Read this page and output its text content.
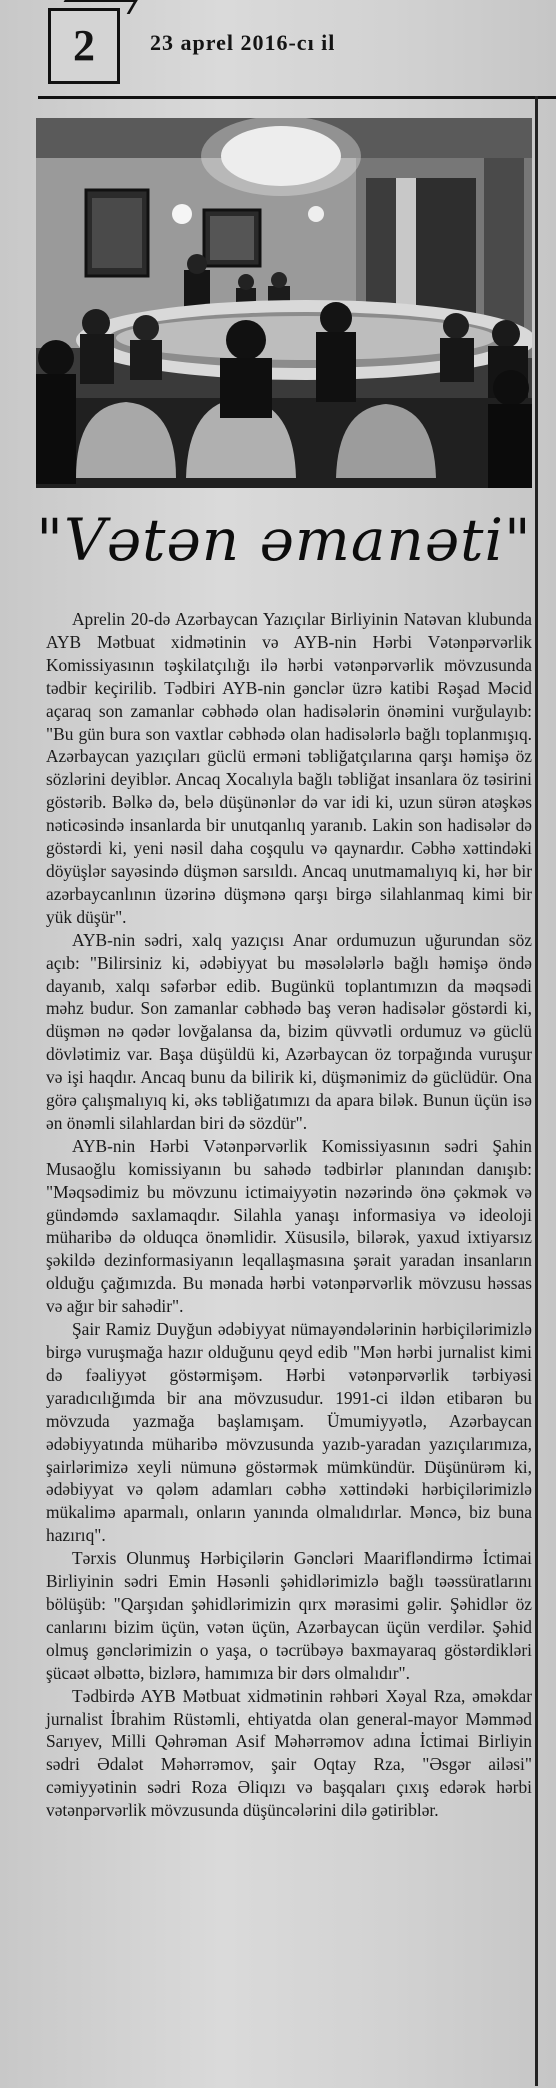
2	23 aprel 2016-cı il
"Vətən əmanəti"

Aprelin 20-də Azərbaycan Yazıçılar Birliyinin Natəvan klubunda AYB Mətbuat xidmətinin və AYB-nin Hərbi Vətənpərvərlik Komissiyasının təşkilatçılığı ilə hərbi vətənpərvərlik mövzusunda tədbir keçirilib. Tədbiri AYB-nin gənclər üzrə katibi Rəşad Məcid açaraq son zamanlar cəbhədə olan hadisələrin önəmini vurğulayıb: "Bu gün bura son vaxtlar cəbhədə olan hadisələrlə bağlı toplanmışıq. Azərbaycan yazıçıları güclü erməni təbliğatçılarına qarşı həmişə öz sözlərini deyiblər. Ancaq Xocalıyla bağlı təbliğat insanlara öz təsirini göstərib. Bəlkə də, belə düşünənlər də var idi ki, uzun sürən atəşkəs nəticəsində insanlarda bir unutqanlıq yaranıb. Lakin son hadisələr də göstərdi ki, yeni nəsil daha coşqulu və qaynardır. Cəbhə xəttindəki döyüşlər sayəsində düşmən sarsıldı. Ancaq unutmamalıyıq ki, hər bir azərbaycanlının üzərinə düşmənə qarşı birgə silahlanmaq kimi bir yük düşür".

AYB-nin sədri, xalq yazıçısı Anar ordumuzun uğurundan söz açıb: "Bilirsiniz ki, ədəbiyyat bu məsələlərlə bağlı həmişə öndə dayanıb, xalqı səfərbər edib. Bugünkü toplantımızın da məqsədi məhz budur. Son zamanlar cəbhədə baş verən hadisələr göstərdi ki, düşmən nə qədər lovğalansa da, bizim qüvvətli ordumuz və güclü dövlətimiz var. Başa düşüldü ki, Azərbaycan öz torpağında vuruşur və işi haqdır. Ancaq bunu da bilirik ki, düşmənimiz də güclüdür. Ona görə çalışmalıyıq ki, əks təbliğatımızı da apara bilək. Bunun üçün isə ən önəmli silahlardan biri də sözdür".

AYB-nin Hərbi Vətənpərvərlik Komissiyasının sədri Şahin Musaoğlu komissiyanın bu sahədə tədbirlər planından danışıb: "Məqsədimiz bu mövzunu ictimaiyyətin nəzərində önə çəkmək və gündəmdə saxlamaqdır. Silahla yanaşı informasiya və ideoloji müharibə də olduqca önəmlidir. Xüsusilə, bilərək, yaxud ixtiyarsız şəkildə dezinformasiyanın leqallaşmasına şərait yaradan insanların olduğu çağımızda. Bu mənada hərbi vətənpərvərlik mövzusu həssas və ağır bir sahədir".

Şair Ramiz Duyğun ədəbiyyat nümayəndələrinin hərbiçilərimizlə birgə vuruşmağa hazır olduğunu qeyd edib "Mən hərbi jurnalist kimi də fəaliyyət göstərmişəm. Hərbi vətənpərvərlik tərbiyəsi yaradıcılığımda bir ana mövzusudur. 1991-ci ildən etibarən bu mövzuda yazmağa başlamışam. Ümumiyyətlə, Azərbaycan ədəbiyyatında müharibə mövzusunda yazıb-yaradan yazıçılarımıza, şairlərimizə xeyli nümunə göstərmək mümkündür. Düşünürəm ki, ədəbiyyat və qələm adamları cəbhə xəttindəki hərbiçilərimizlə mükalimə aparmalı, onların yanında olmalıdırlar. Məncə, biz buna hazırıq".

Tərxis Olunmuş Hərbiçilərin Gəncləri Maarifləndirmə İctimai Birliyinin sədri Emin Həsənli şəhidlərimizlə bağlı təəssüratlarını bölüşüb: "Qarşıdan şəhidlərimizin qırx mərasimi gəlir. Şəhidlər öz canlarını bizim üçün, vətən üçün, Azərbaycan üçün verdilər. Şəhid olmuş gənclərimizin o yaşa, o təcrübəyə baxmayaraq göstərdikləri şücaət əlbəttə, bizlərə, hamımıza bir dərs olmalıdır".

Tədbirdə AYB Mətbuat xidmətinin rəhbəri Xəyal Rza, əməkdar jurnalist İbrahim Rüstəmli, ehtiyatda olan general-mayor Məmməd Sarıyev, Milli Qəhrəman Asif Məhərrəmov adına İctimai Birliyin sədri Ədalət Məhərrəmov, şair Oqtay Rza, "Əsgər ailəsi" cəmiyyətinin sədri Roza Əliqızı və başqaları çıxış edərək hərbi vətənpərvərlik mövzusunda düşüncələrini dilə gətiriblər.
